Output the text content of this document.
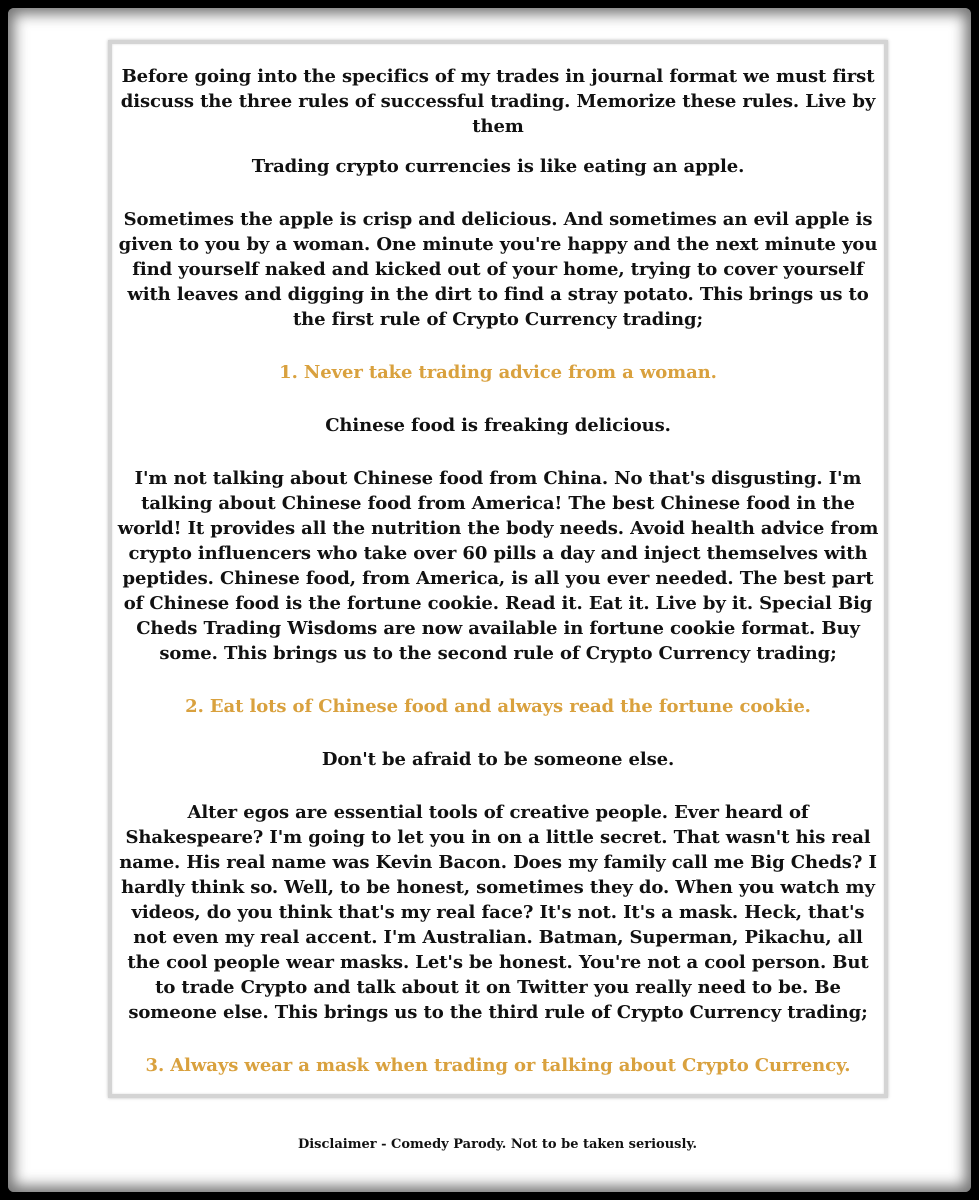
Before going into the specifics of my trades in journal format we must first discuss the three rules of successful trading. Memorize these rules. Live by them

Trading crypto currencies is like eating an apple.

Sometimes the apple is crisp and delicious. And sometimes an evil apple is given to you by a woman. One minute you're happy and the next minute you find yourself naked and kicked out of your home, trying to cover yourself with leaves and digging in the dirt to find a stray potato. This brings us to the first rule of Crypto Currency trading;

1. Never take trading advice from a woman.

Chinese food is freaking delicious.

I'm not talking about Chinese food from China. No that's disgusting. I'm talking about Chinese food from America! The best Chinese food in the world! It provides all the nutrition the body needs. Avoid health advice from crypto influencers who take over 60 pills a day and inject themselves with peptides. Chinese food, from America, is all you ever needed. The best part of Chinese food is the fortune cookie. Read it. Eat it. Live by it. Special Big Cheds Trading Wisdoms are now available in fortune cookie format. Buy some. This brings us to the second rule of Crypto Currency trading;

2. Eat lots of Chinese food and always read the fortune cookie.

Don't be afraid to be someone else.

Alter egos are essential tools of creative people. Ever heard of Shakespeare? I'm going to let you in on a little secret. That wasn't his real name. His real name was Kevin Bacon. Does my family call me Big Cheds? I hardly think so. Well, to be honest, sometimes they do. When you watch my videos, do you think that's my real face? It's not. It's a mask. Heck, that's not even my real accent. I'm Australian. Batman, Superman, Pikachu, all the cool people wear masks. Let's be honest. You're not a cool person. But to trade Crypto and talk about it on Twitter you really need to be. Be someone else. This brings us to the third rule of Crypto Currency trading;

3. Always wear a mask when trading or talking about Crypto Currency.

Disclaimer - Comedy Parody. Not to be taken seriously.
